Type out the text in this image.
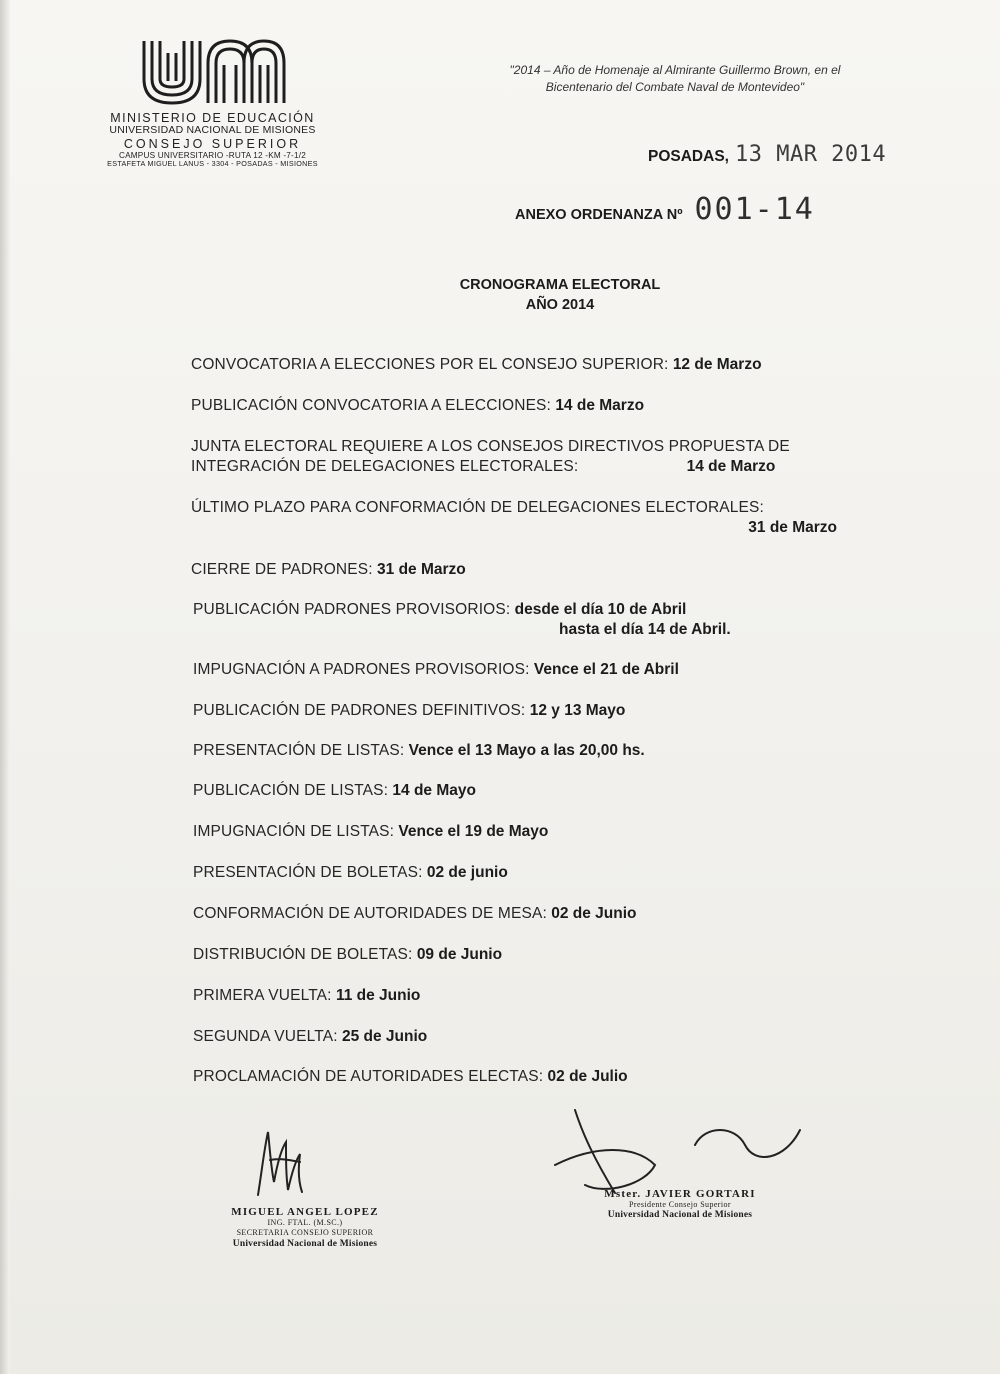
MINISTERIO DE EDUCACIÓN
UNIVERSIDAD NACIONAL DE MISIONES
CONSEJO SUPERIOR
CAMPUS UNIVERSITARIO -RUTA 12 -KM -7-1/2
ESTAFETA MIGUEL LANUS - 3304 - POSADAS - MISIONES
"2014 – Año de Homenaje al Almirante Guillermo Brown, en el
Bicentenario del Combate Naval de Montevideo"
POSADAS, 13 MAR 2014
ANEXO ORDENANZA Nº 001-14
CRONOGRAMA ELECTORAL
AÑO 2014
CONVOCATORIA A ELECCIONES POR EL CONSEJO SUPERIOR: 12 de Marzo
PUBLICACIÓN CONVOCATORIA A ELECCIONES: 14 de Marzo
JUNTA ELECTORAL REQUIERE A LOS CONSEJOS DIRECTIVOS PROPUESTA DE
INTEGRACIÓN DE DELEGACIONES ELECTORALES:	14 de Marzo
ÚLTIMO PLAZO PARA CONFORMACIÓN DE DELEGACIONES ELECTORALES:
31 de Marzo
CIERRE DE PADRONES: 31 de Marzo
PUBLICACIÓN PADRONES PROVISORIOS: desde el día 10 de Abril
hasta el día 14 de Abril.
IMPUGNACIÓN A PADRONES PROVISORIOS: Vence el 21 de Abril
PUBLICACIÓN DE PADRONES DEFINITIVOS: 12 y 13 Mayo
PRESENTACIÓN DE LISTAS: Vence el 13 Mayo a las 20,00 hs.
PUBLICACIÓN DE LISTAS: 14 de Mayo
IMPUGNACIÓN DE LISTAS: Vence el 19 de Mayo
PRESENTACIÓN DE BOLETAS: 02 de junio
CONFORMACIÓN DE AUTORIDADES DE MESA: 02 de Junio
DISTRIBUCIÓN DE BOLETAS: 09 de Junio
PRIMERA VUELTA: 11 de Junio
SEGUNDA VUELTA: 25 de Junio
PROCLAMACIÓN DE AUTORIDADES ELECTAS: 02 de Julio
MIGUEL ANGEL LOPEZ
ING. FTAL. (M.SC.)
SECRETARIA CONSEJO SUPERIOR
Universidad Nacional de Misiones
Mster. JAVIER GORTARI
Presidente Consejo Superior
Universidad Nacional de Misiones
